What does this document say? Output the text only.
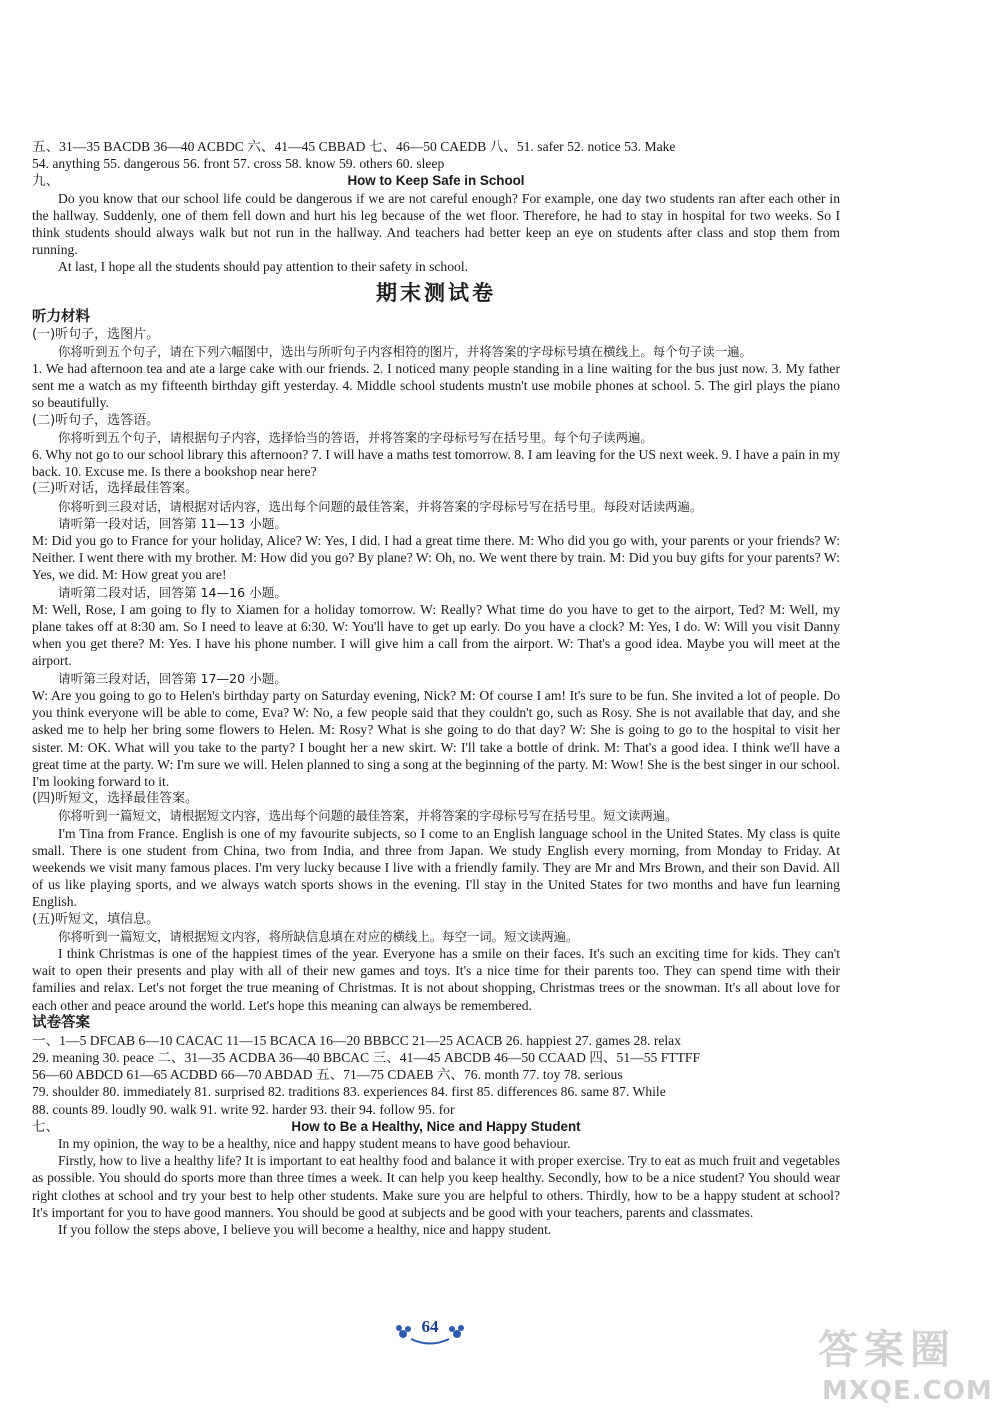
五、31—35 BACDB 36—40 ACBDC 六、41—45 CBBAD 七、46—50 CAEDB 八、51. safer 52. notice 53. Make
54. anything 55. dangerous 56. front 57. cross 58. know 59. others 60. sleep
九、	How to Keep Safe in School

Do you know that our school life could be dangerous if we are not careful enough? For example, one day two students ran after each other in the hallway. Suddenly, one of them fell down and hurt his leg because of the wet floor. Therefore, he had to stay in hospital for two weeks. So I think students should always walk but not run in the hallway. And teachers had better keep an eye on students after class and stop them from running.

At last, I hope all the students should pay attention to their safety in school.

期末测试卷
听力材料
(一)听句子，选图片。

你将听到五个句子，请在下列六幅图中，选出与所听句子内容相符的图片，并将答案的字母标号填在横线上。每个句子读一遍。

1. We had afternoon tea and ate a large cake with our friends. 2. I noticed many people standing in a line waiting for the bus just now. 3. My father sent me a watch as my fifteenth birthday gift yesterday. 4. Middle school students mustn't use mobile phones at school. 5. The girl plays the piano so beautifully.

(二)听句子，选答语。

你将听到五个句子，请根据句子内容，选择恰当的答语，并将答案的字母标号写在括号里。每个句子读两遍。

6. Why not go to our school library this afternoon? 7. I will have a maths test tomorrow. 8. I am leaving for the US next week. 9. I have a pain in my back. 10. Excuse me. Is there a bookshop near here?

(三)听对话，选择最佳答案。

你将听到三段对话，请根据对话内容，选出每个问题的最佳答案，并将答案的字母标号写在括号里。每段对话读两遍。

请听第一段对话，回答第 11—13 小题。

M: Did you go to France for your holiday, Alice? W: Yes, I did. I had a great time there. M: Who did you go with, your parents or your friends? W: Neither. I went there with my brother. M: How did you go? By plane? W: Oh, no. We went there by train. M: Did you buy gifts for your parents? W: Yes, we did. M: How great you are!

请听第二段对话，回答第 14—16 小题。

M: Well, Rose, I am going to fly to Xiamen for a holiday tomorrow. W: Really? What time do you have to get to the airport, Ted? M: Well, my plane takes off at 8:30 am. So I need to leave at 6:30. W: You'll have to get up early. Do you have a clock? M: Yes, I do. W: Will you visit Danny when you get there? M: Yes. I have his phone number. I will give him a call from the airport. W: That's a good idea. Maybe you will meet at the airport.

请听第三段对话，回答第 17—20 小题。

W: Are you going to go to Helen's birthday party on Saturday evening, Nick? M: Of course I am! It's sure to be fun. She invited a lot of people. Do you think everyone will be able to come, Eva? W: No, a few people said that they couldn't go, such as Rosy. She is not available that day, and she asked me to help her bring some flowers to Helen. M: Rosy? What is she going to do that day? W: She is going to go to the hospital to visit her sister. M: OK. What will you take to the party? I bought her a new skirt. W: I'll take a bottle of drink. M: That's a good idea. I think we'll have a great time at the party. W: I'm sure we will. Helen planned to sing a song at the beginning of the party. M: Wow! She is the best singer in our school. I'm looking forward to it.

(四)听短文，选择最佳答案。

你将听到一篇短文，请根据短文内容，选出每个问题的最佳答案，并将答案的字母标号写在括号里。短文读两遍。

I'm Tina from France. English is one of my favourite subjects, so I come to an English language school in the United States. My class is quite small. There is one student from China, two from India, and three from Japan. We study English every morning, from Monday to Friday. At weekends we visit many famous places. I'm very lucky because I live with a friendly family. They are Mr and Mrs Brown, and their son David. All of us like playing sports, and we always watch sports shows in the evening. I'll stay in the United States for two months and have fun learning English.

(五)听短文，填信息。

你将听到一篇短文，请根据短文内容，将所缺信息填在对应的横线上。每空一词。短文读两遍。

I think Christmas is one of the happiest times of the year. Everyone has a smile on their faces. It's such an exciting time for kids. They can't wait to open their presents and play with all of their new games and toys. It's a nice time for their parents too. They can spend time with their families and relax. Let's not forget the true meaning of Christmas. It is not about shopping, Christmas trees or the snowman. It's all about love for each other and peace around the world. Let's hope this meaning can always be remembered.

试卷答案
一、1—5 DFCAB 6—10 CACAC 11—15 BCACA 16—20 BBBCC 21—25 ACACB 26. happiest 27. games 28. relax
29. meaning 30. peace 二、31—35 ACDBA 36—40 BBCAC 三、41—45 ABCDB 46—50 CCAAD 四、51—55 FTTFF
56—60 ABDCD 61—65 ACDBD 66—70 ABDAD 五、71—75 CDAEB 六、76. month 77. toy 78. serious
79. shoulder 80. immediately 81. surprised 82. traditions 83. experiences 84. first 85. differences 86. same 87. While
88. counts 89. loudly 90. walk 91. write 92. harder 93. their 94. follow 95. for
七、	How to Be a Healthy, Nice and Happy Student

In my opinion, the way to be a healthy, nice and happy student means to have good behaviour.

Firstly, how to live a healthy life? It is important to eat healthy food and balance it with proper exercise. Try to eat as much fruit and vegetables as possible. You should do sports more than three times a week. It can help you keep healthy. Secondly, how to be a nice student? You should wear right clothes at school and try your best to help other students. Make sure you are helpful to others. Thirdly, how to be a happy student at school? It's important for you to have good manners. You should be good at subjects and be good with your teachers, parents and classmates.

If you follow the steps above, I believe you will become a healthy, nice and happy student.

64
答案圈
MXQE.COM
